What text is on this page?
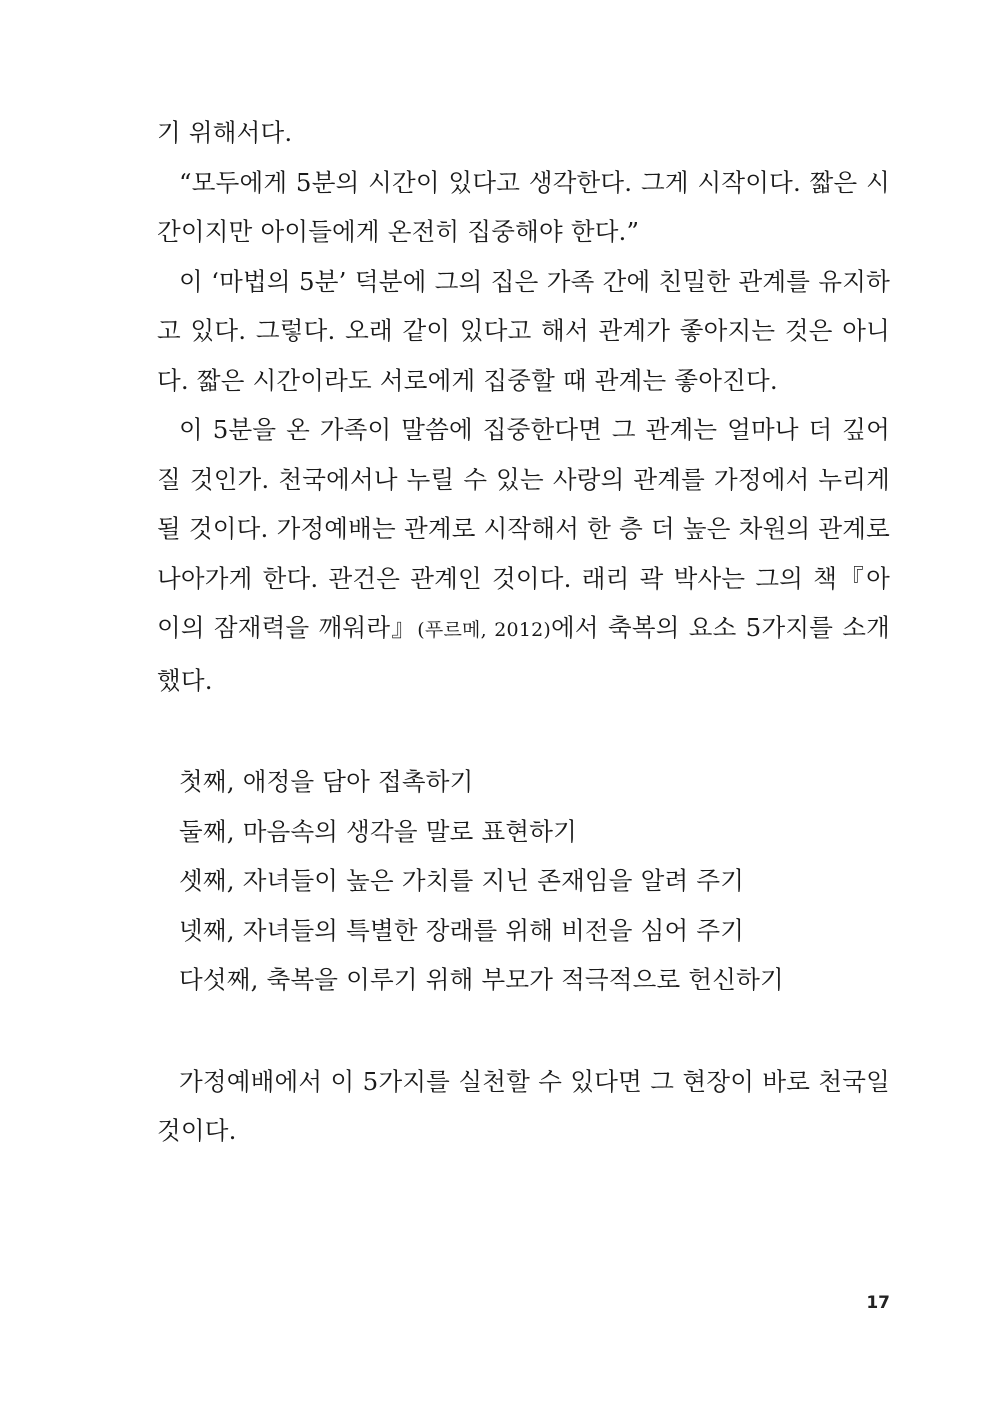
기 위해서다.

“모두에게 5분의 시간이 있다고 생각한다. 그게 시작이다. 짧은 시간이지만 아이들에게 온전히 집중해야 한다.”

이 ‘마법의 5분’ 덕분에 그의 집은 가족 간에 친밀한 관계를 유지하고 있다. 그렇다. 오래 같이 있다고 해서 관계가 좋아지는 것은 아니다. 짧은 시간이라도 서로에게 집중할 때 관계는 좋아진다.

이 5분을 온 가족이 말씀에 집중한다면 그 관계는 얼마나 더 깊어질 것인가. 천국에서나 누릴 수 있는 사랑의 관계를 가정에서 누리게 될 것이다. 가정예배는 관계로 시작해서 한 층 더 높은 차원의 관계로 나아가게 한다. 관건은 관계인 것이다. 래리 곽 박사는 그의 책『아이의 잠재력을 깨워라』(푸르메, 2012)에서 축복의 요소 5가지를 소개했다.

첫째, 애정을 담아 접촉하기
둘째, 마음속의 생각을 말로 표현하기
셋째, 자녀들이 높은 가치를 지닌 존재임을 알려 주기
넷째, 자녀들의 특별한 장래를 위해 비전을 심어 주기
다섯째, 축복을 이루기 위해 부모가 적극적으로 헌신하기

가정예배에서 이 5가지를 실천할 수 있다면 그 현장이 바로 천국일 것이다.

17
